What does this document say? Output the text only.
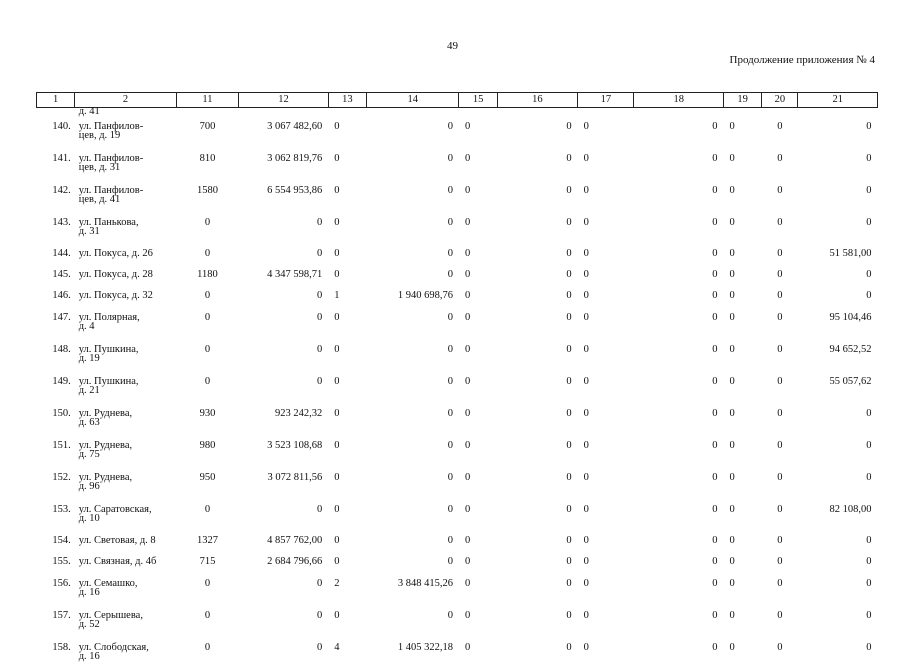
49
Продолжение приложения № 4
1	2	11	12	13	14	15	16	17	18	19	20	21
	д. 41											
140.	ул. Панфилов-
цев, д. 19	700	3 067 482,60	0	0	0	0	0	0	0	0	0
141.	ул. Панфилов-
цев, д. 31	810	3 062 819,76	0	0	0	0	0	0	0	0	0
142.	ул. Панфилов-
цев, д. 41	1580	6 554 953,86	0	0	0	0	0	0	0	0	0
143.	ул. Панькова,
д. 31	0	0	0	0	0	0	0	0	0	0	0
144.	ул. Покуса, д. 26	0	0	0	0	0	0	0	0	0	0	51 581,00
145.	ул. Покуса, д. 28	1180	4 347 598,71	0	0	0	0	0	0	0	0	0
146.	ул. Покуса, д. 32	0	0	1	1 940 698,76	0	0	0	0	0	0	0
147.	ул. Полярная,
д. 4	0	0	0	0	0	0	0	0	0	0	95 104,46
148.	ул. Пушкина,
д. 19	0	0	0	0	0	0	0	0	0	0	94 652,52
149.	ул. Пушкина,
д. 21	0	0	0	0	0	0	0	0	0	0	55 057,62
150.	ул. Руднева,
д. 63	930	923 242,32	0	0	0	0	0	0	0	0	0
151.	ул. Руднева,
д. 75	980	3 523 108,68	0	0	0	0	0	0	0	0	0
152.	ул. Руднева,
д. 96	950	3 072 811,56	0	0	0	0	0	0	0	0	0
153.	ул. Саратовская,
д. 10	0	0	0	0	0	0	0	0	0	0	82 108,00
154.	ул. Световая, д. 8	1327	4 857 762,00	0	0	0	0	0	0	0	0	0
155.	ул. Связная, д. 4б	715	2 684 796,66	0	0	0	0	0	0	0	0	0
156.	ул. Семашко,
д. 16	0	0	2	3 848 415,26	0	0	0	0	0	0	0
157.	ул. Серышева,
д. 52	0	0	0	0	0	0	0	0	0	0	0
158.	ул. Слободская,
д. 16	0	0	4	1 405 322,18	0	0	0	0	0	0	0
